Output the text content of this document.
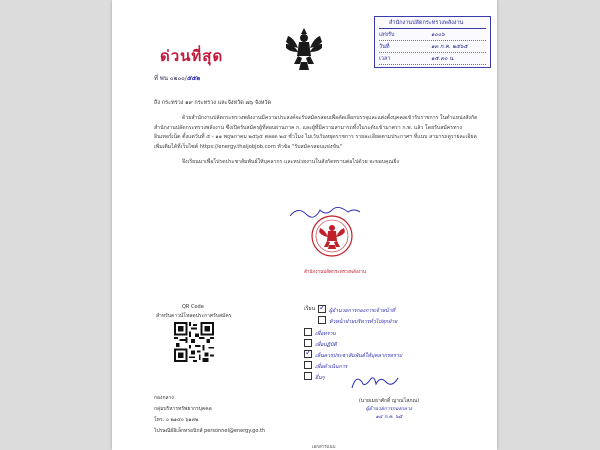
ด่วนที่สุด
สำนักงานปลัดกระทรวงพลังงาน
เลขรับ	๑๐๐๖
วันที่	๑๓ ก.ค. ๒๕๖๕
เวลา	๑๕.๓๐ น.
ที่ พน ๐๒๐๐/๕๕๒
ถึง กระทรวง ๑๙ กระทรวง และจังหวัด ๗๖ จังหวัด

ด้วยสำนักงานปลัดกระทรวงพลังงานมีความประสงค์จะรับสมัครสอบเพื่อคัดเลือกบรรจุและแต่งตั้งบุคคลเข้ารับราชการ ในตำแหน่งสังกัดสำนักงานปลัดกระทรวงพลังงาน ซึ่งเปิดรับสมัครผู้ที่สอบผ่านภาค ก. และผู้ที่มีความสามารถทั้งในระดับเข้ามาตรา ก.พ. แล้ว โดยรับสมัครทางอินเทอร์เน็ต ตั้งแต่วันที่ ๕ - ๑๑ พฤษภาคม ๒๕๖๕ ตลอด ๒๔ ชั่วโมง ไม่เว้นวันหยุดราชการ รายละเอียดตามประกาศฯ ที่แนบ สามารถดูรายละเอียดเพิ่มเติมได้ที่เว็บไซต์ https://energy.thaijobjob.com หัวข้อ "รับสมัครสอบแข่งขัน"

จึงเรียนมาเพื่อโปรดประชาสัมพันธ์ให้บุคลากร และหน่วยงานในสังกัดทราบต่อไปด้วย จะขอบคุณยิ่ง

สำนักงานปลัดกระทรวงพลังงาน
QR Code
สำหรับดาวน์โหลดประกาศรับสมัคร
กองกลาง
กลุ่มบริหารทรัพยากรบุคคล
โทร. ๐ ๒๑๔๐ ๖๑๓๒
ไปรษณีย์อิเล็กทรอนิกส์ personnel@energy.go.th
เรียน
✓	ผู้อำนวยการกองการเจ้าหน้าที่
หัวหน้าฝ่ายบริหารทั่วไปทุกฝ่าย
เพื่อทราบ
เพื่อปฏิบัติ
✓เห็นควรประชาสัมพันธ์ให้บุคลากรทราบ
เพื่อดำเนินการ
อื่นๆ
(นายเมธาศักดิ์ ญาณโสภณ)
ผู้อำนวยการกองกลาง
๑๔ ก.ค. ๖๕
เอกสารแนบ
